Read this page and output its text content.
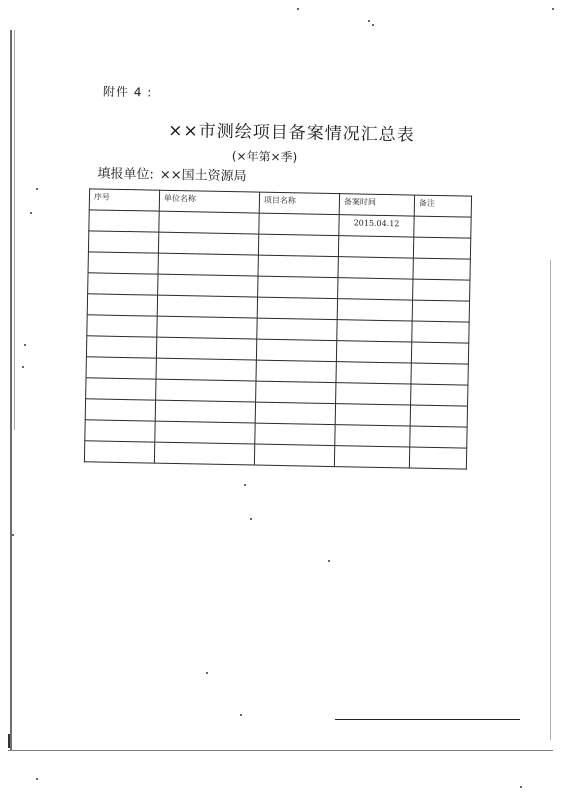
附件 4 :
××市测绘项目备案情况汇总表
(×年第×季)
填报单位: ××国土资源局
序号	单位名称	项目名称	备案时间	备注
			2015.04.12	
